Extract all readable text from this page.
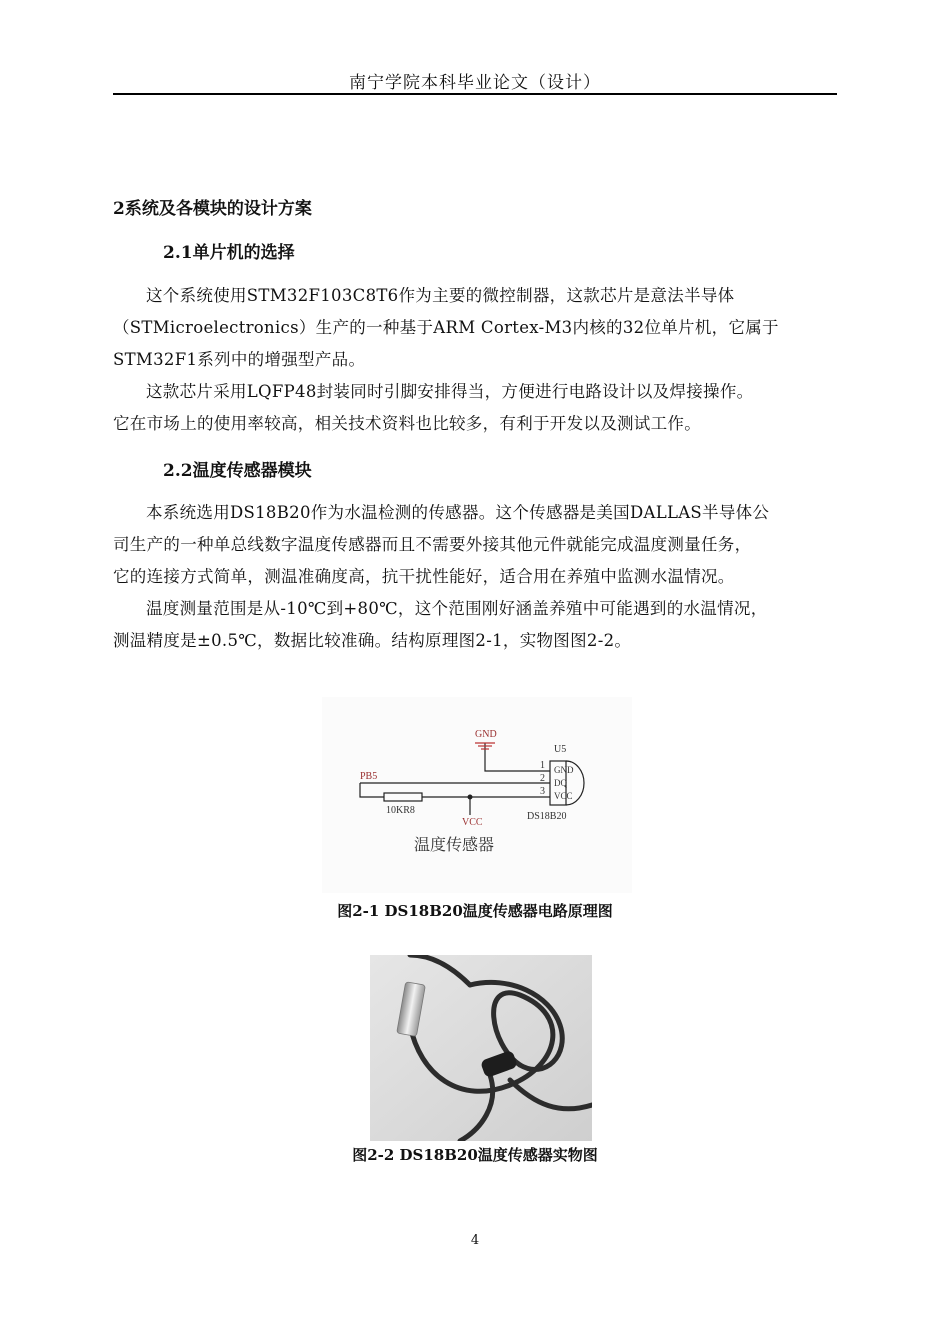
南宁学院本科毕业论文（设计）
2系统及各模块的设计方案
2.1单片机的选择

这个系统使用STM32F103C8T6作为主要的微控制器，这款芯片是意法半导体

（STMicroelectronics）生产的一种基于ARM Cortex-M3内核的32位单片机，它属于

STM32F1系列中的增强型产品。

这款芯片采用LQFP48封装同时引脚安排得当，方便进行电路设计以及焊接操作。

它在市场上的使用率较高，相关技术资料也比较多，有利于开发以及测试工作。

2.2温度传感器模块

本系统选用DS18B20作为水温检测的传感器。这个传感器是美国DALLAS半导体公

司生产的一种单总线数字温度传感器而且不需要外接其他元件就能完成温度测量任务，

它的连接方式简单，测温准确度高，抗干扰性能好，适合用在养殖中监测水温情况。

温度测量范围是从-10℃到+80℃，这个范围刚好涵盖养殖中可能遇到的水温情况，

测温精度是±0.5℃，数据比较准确。结构原理图2-1，实物图图2-2。

GND
PB5
VCC
U5
1
2
3
GND
DQ
VCC
10KR8
DS18B20
温度传感器
图2-1 DS18B20温度传感器电路原理图
图2-2 DS18B20温度传感器实物图
4
